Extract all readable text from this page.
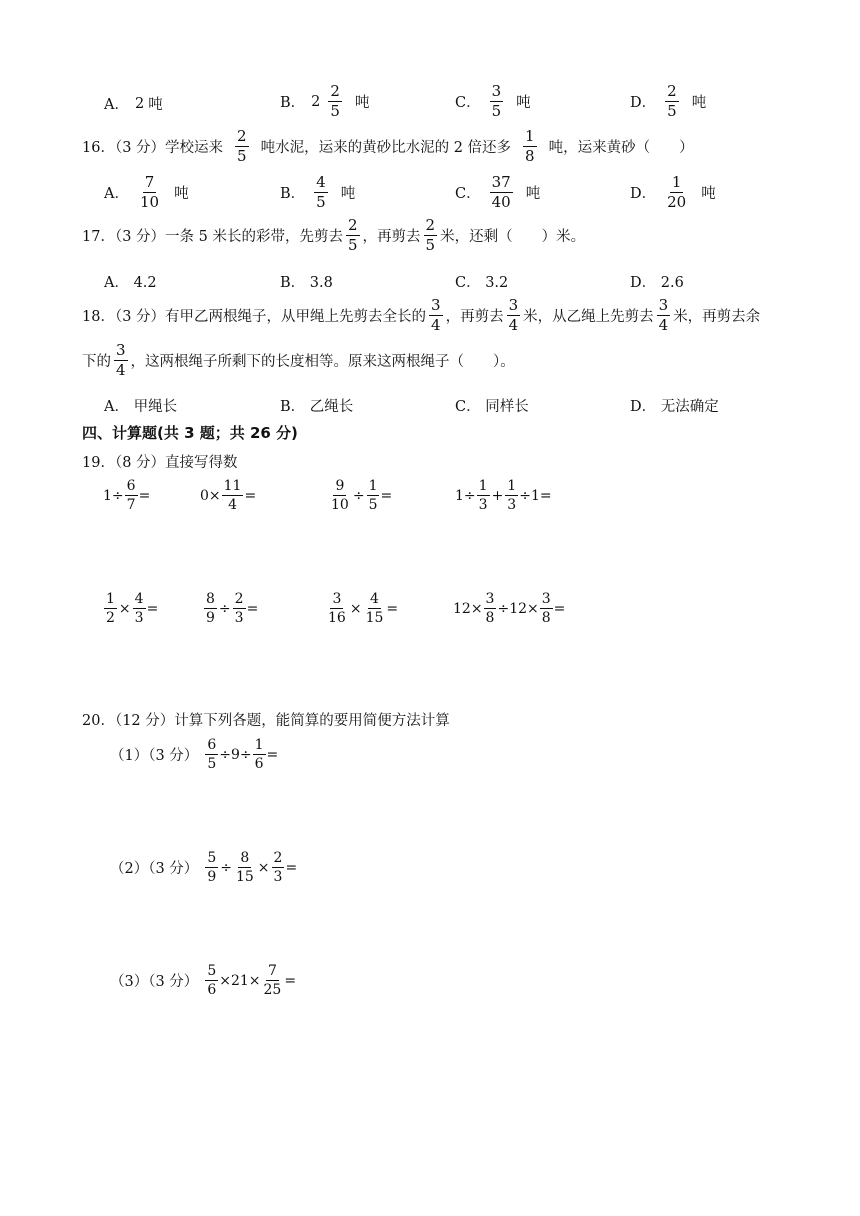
A． 2 吨	B． $2 \frac{2}{5}$ 吨	C． $\frac{3}{5}$ 吨	D． $\frac{2}{5}$ 吨
16．（3 分）学校运来 $\frac{2}{5}$ 吨水泥，运来的黄砂比水泥的 2 倍还多 $\frac{1}{8}$ 吨，运来黄砂（　　）
A． $\frac{7}{10}$ 吨	B． $\frac{4}{5}$ 吨	C． $\frac{37}{40}$ 吨	D． $\frac{1}{20}$ 吨
17．（3 分）一条 5 米长的彩带，先剪去 $\frac{2}{5}$ ，再剪去 $\frac{2}{5}$ 米，还剩（　　）米。
A． 4.2	B． 3.8	C． 3.2	D． 2.6
18．（3 分）有甲乙两根绳子，从甲绳上先剪去全长的 $\frac{3}{4}$ ，再剪去 $\frac{3}{4}$ 米，从乙绳上先剪去 $\frac{3}{4}$ 米，再剪去余
下的 $\frac{3}{4}$ ，这两根绳子所剩下的长度相等。原来这两根绳子（　　）。
A． 甲绳长	B． 乙绳长	C． 同样长	D． 无法确定
四、计算题(共 3 题；共 26 分)
19．（8 分）直接写得数
$1\div \frac{6}{7}$ =	$0\times \frac{11}{4}$ =	$\frac{9}{10} \div \frac{1}{5}$ =	$1\div \frac{1}{3} + \frac{1}{3} \div 1=$
$\frac{1}{2} \times \frac{4}{3}$ =	$\frac{8}{9} \div \frac{2}{3}$ =	$\frac{3}{16} \times \frac{4}{15}$ =	$12\times \frac{3}{8} \div 12\times \frac{3}{8}$ =
20．（12 分）计算下列各题，能简算的要用简便方法计算
（1）（3 分） $\frac{6}{5} \div 9\div \frac{1}{6}$ =
（2）（3 分） $\frac{5}{9} \div \frac{8}{15} \times \frac{2}{3}$ =
（3）（3 分） $\frac{5}{6} \times 21\times \frac{7}{25}$ =
